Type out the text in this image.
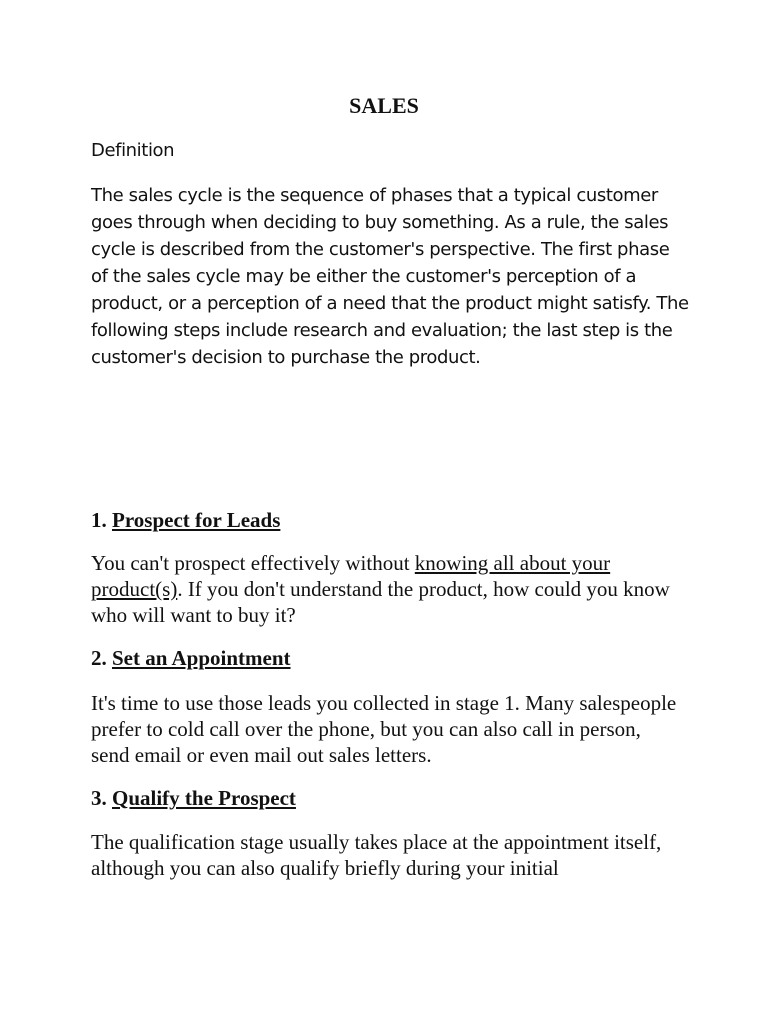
SALES

Definition

The sales cycle is the sequence of phases that a typical customer goes through when deciding to buy something. As a rule, the sales cycle is described from the customer's perspective. The first phase of the sales cycle may be either the customer's perception of a product, or a perception of a need that the product might satisfy. The following steps include research and evaluation; the last step is the customer's decision to purchase the product.

1. Prospect for Leads

You can't prospect effectively without knowing all about your product(s). If you don't understand the product, how could you know who will want to buy it?

2. Set an Appointment

It's time to use those leads you collected in stage 1. Many salespeople prefer to cold call over the phone, but you can also call in person, send email or even mail out sales letters.

3. Qualify the Prospect

The qualification stage usually takes place at the appointment itself, although you can also qualify briefly during your initial
